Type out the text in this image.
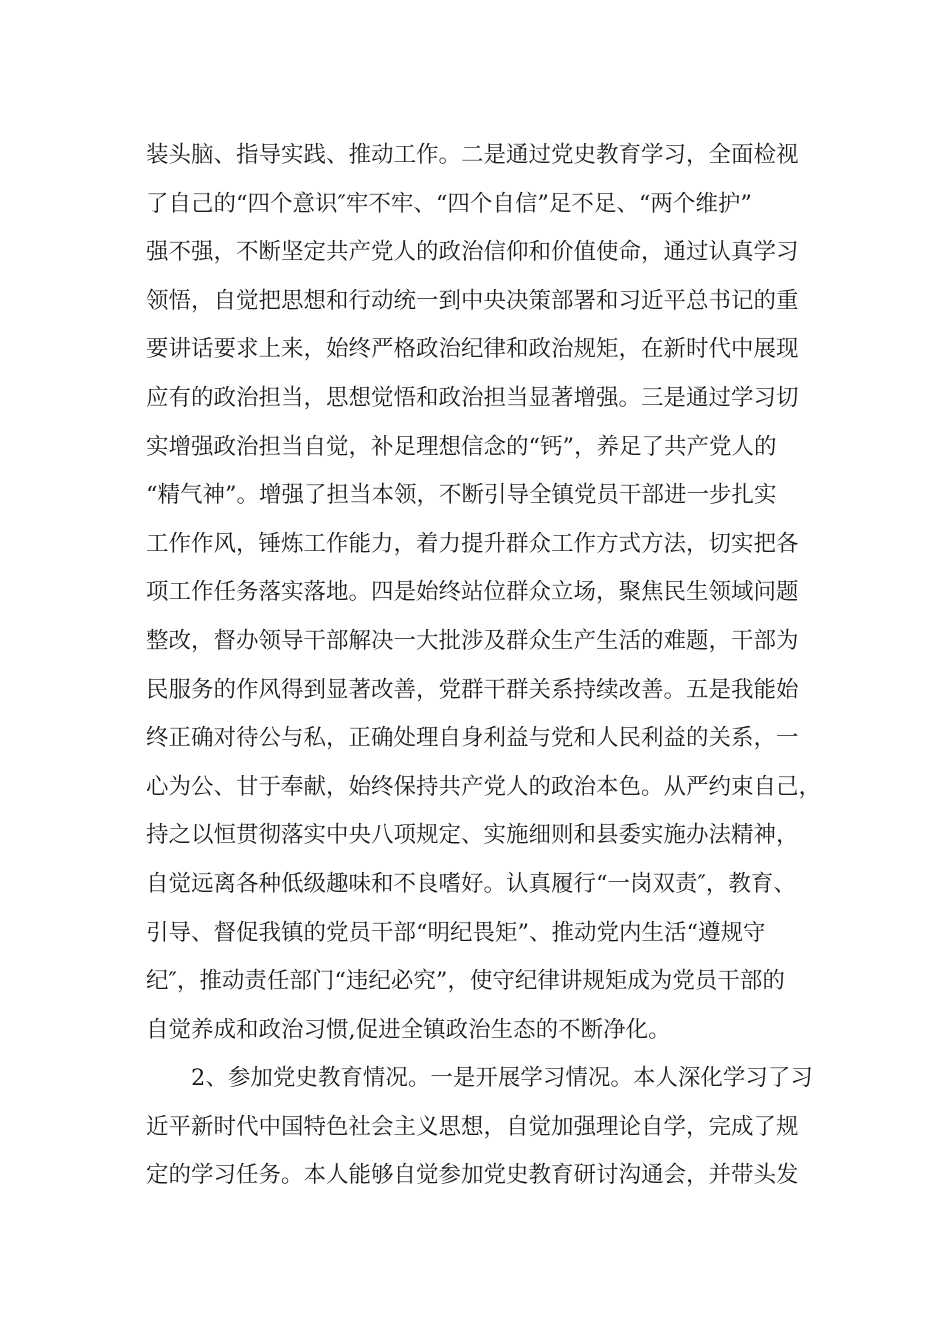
装头脑、指导实践、推动工作。二是通过党史教育学习，全面检视
了自己的“四个意识″牢不牢、“四个自信”足不足、“两个维护”
强不强，不断坚定共产党人的政治信仰和价值使命，通过认真学习
领悟，自觉把思想和行动统一到中央决策部署和习近平总书记的重
要讲话要求上来，始终严格政治纪律和政治规矩，在新时代中展现
应有的政治担当，思想觉悟和政治担当显著增强。三是通过学习切
实增强政治担当自觉，补足理想信念的“钙”，养足了共产党人的
“精气神”。增强了担当本领，不断引导全镇党员干部进一步扎实
工作作风，锤炼工作能力，着力提升群众工作方式方法，切实把各
项工作任务落实落地。四是始终站位群众立场，聚焦民生领域问题
整改，督办领导干部解决一大批涉及群众生产生活的难题，干部为
民服务的作风得到显著改善，党群干群关系持续改善。五是我能始
终正确对待公与私，正确处理自身利益与党和人民利益的关系，一
心为公、甘于奉献，始终保持共产党人的政治本色。从严约束自己，
持之以恒贯彻落实中央八项规定、实施细则和县委实施办法精神，
自觉远离各种低级趣味和不良嗜好。认真履行“一岗双责″，教育、
引导、督促我镇的党员干部“明纪畏矩”、推动党内生活“遵规守
纪″，推动责任部门“违纪必究”，使守纪律讲规矩成为党员干部的
自觉养成和政治习惯,促进全镇政治生态的不断净化。
2、参加党史教育情况。一是开展学习情况。本人深化学习了习
近平新时代中国特色社会主义思想，自觉加强理论自学，完成了规
定的学习任务。本人能够自觉参加党史教育研讨沟通会，并带头发
